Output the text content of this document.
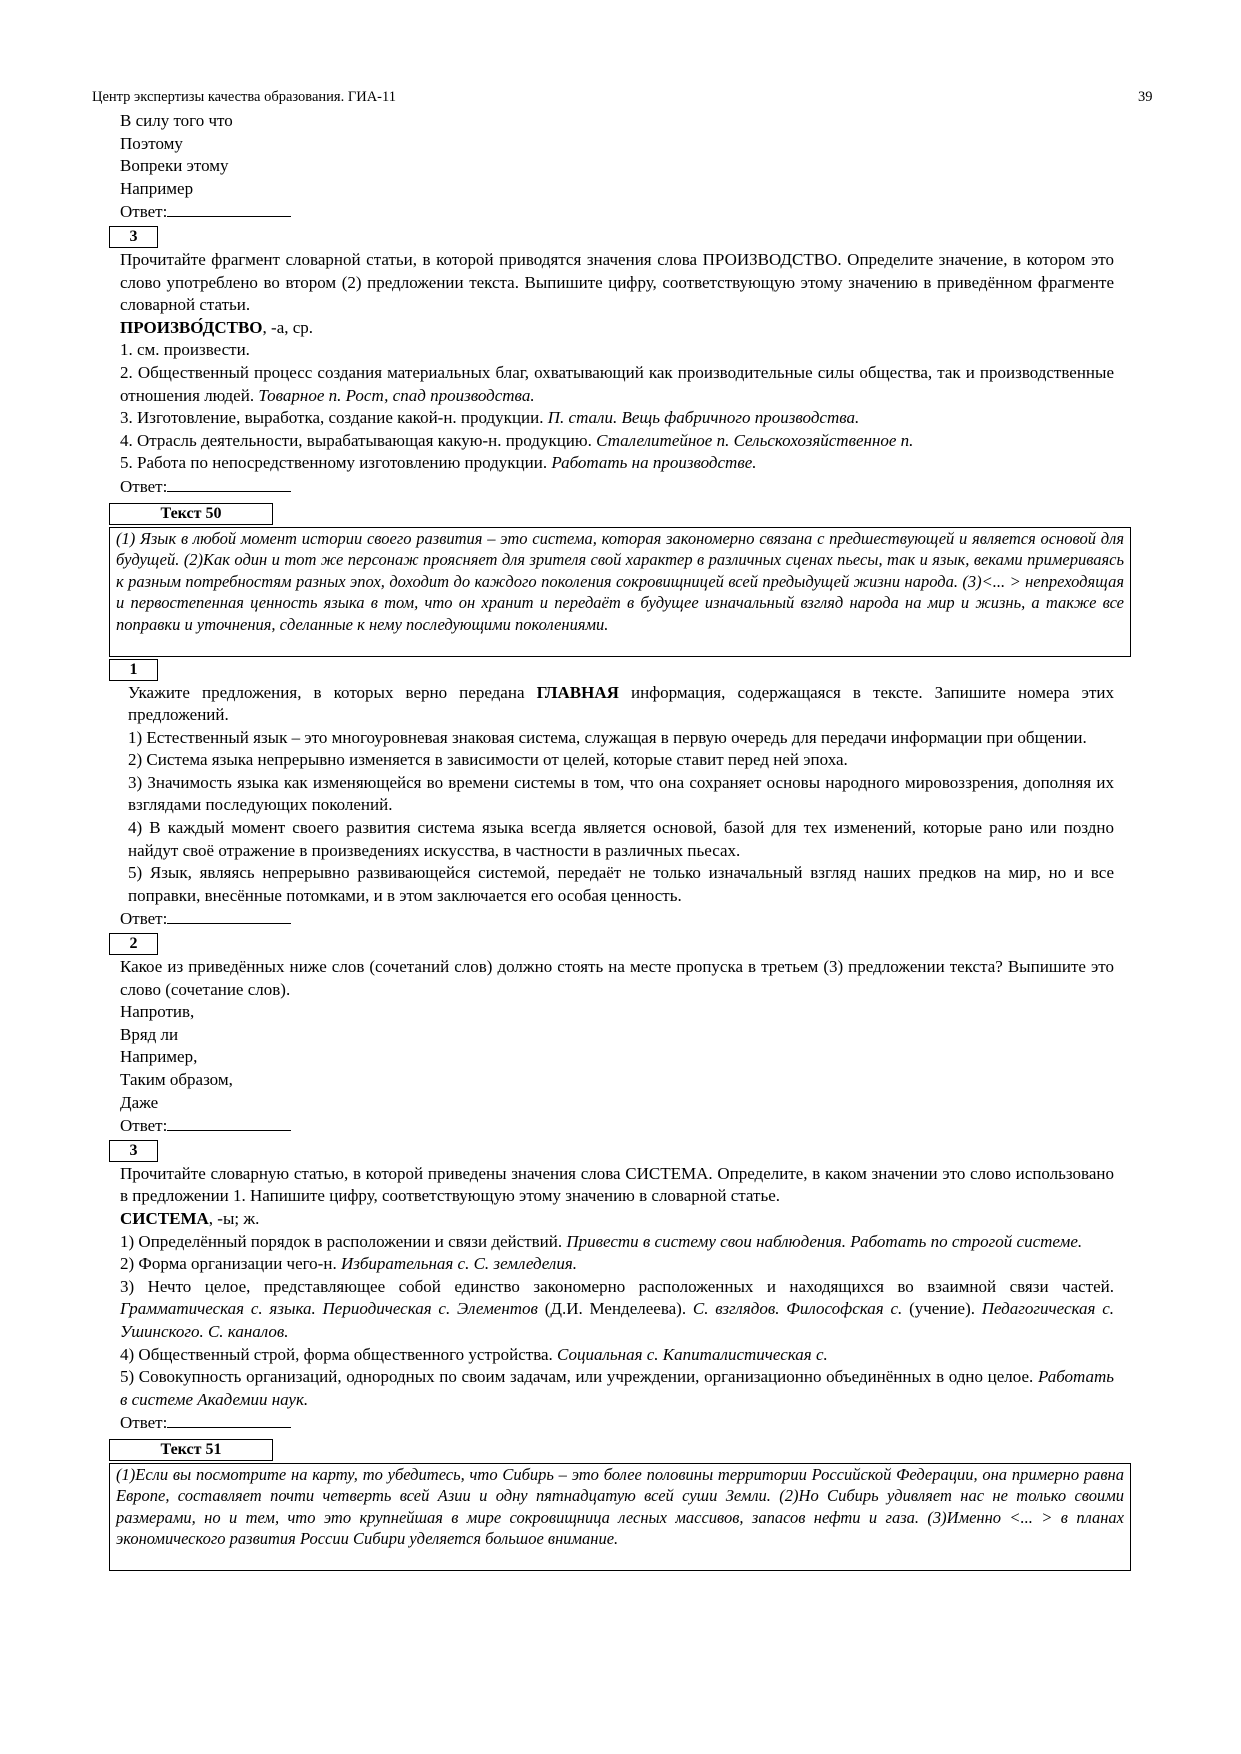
Центр экспертизы качества образования. ГИА-11	39
В силу того что
Поэтому
Вопреки этому
Например
Ответ:
3
Прочитайте фрагмент словарной статьи, в которой приводятся значения слова ПРОИЗВОДСТВО. Определите значение, в котором это слово употреблено во втором (2) предложении текста. Выпишите цифру, соответствующую этому значению в приведённом фрагменте словарной статьи.
ПРОИЗВО́ДСТВО, -а, ср.
1. см. произвести.
2. Общественный процесс создания материальных благ, охватывающий как производительные силы общества, так и производственные отношения людей. Товарное п. Рост, спад производства.
3. Изготовление, выработка, создание какой-н. продукции. П. стали. Вещь фабричного производства.
4. Отрасль деятельности, вырабатывающая какую-н. продукцию. Сталелитейное п. Сельскохозяйственное п.
5. Работа по непосредственному изготовлению продукции. Работать на производстве.
Ответ:
Текст 50
(1) Язык в любой момент истории своего развития – это система, которая закономерно связана с предшествующей и является основой для будущей. (2)Как один и тот же персонаж проясняет для зрителя свой характер в различных сценах пьесы, так и язык, веками примериваясь к разным потребностям разных эпох, доходит до каждого поколения сокровищницей всей предыдущей жизни народа. (3)<... > непреходящая и первостепенная ценность языка в том, что он хранит и передаёт в будущее изначальный взгляд народа на мир и жизнь, а также все поправки и уточнения, сделанные к нему последующими поколениями.
1
Укажите предложения, в которых верно передана ГЛАВНАЯ информация, содержащаяся в тексте. Запишите номера этих предложений.
1) Естественный язык – это многоуровневая знаковая система, служащая в первую очередь для передачи информации при общении.
2) Система языка непрерывно изменяется в зависимости от целей, которые ставит перед ней эпоха.
3) Значимость языка как изменяющейся во времени системы в том, что она сохраняет основы народного мировоззрения, дополняя их взглядами последующих поколений.
4) В каждый момент своего развития система языка всегда является основой, базой для тех изменений, которые рано или поздно найдут своё отражение в произведениях искусства, в частности в различных пьесах.
5) Язык, являясь непрерывно развивающейся системой, передаёт не только изначальный взгляд наших предков на мир, но и все поправки, внесённые потомками, и в этом заключается его особая ценность.
Ответ:
2
Какое из приведённых ниже слов (сочетаний слов) должно стоять на месте пропуска в третьем (3) предложении текста? Выпишите это слово (сочетание слов).
Напротив,
Вряд ли
Например,
Таким образом,
Даже
Ответ:
3
Прочитайте словарную статью, в которой приведены значения слова СИСТЕМА. Определите, в каком значении это слово использовано в предложении 1. Напишите цифру, соответствующую этому значению в словарной статье.
СИСТЕМА, -ы; ж.
1) Определённый порядок в расположении и связи действий. Привести в систему свои наблюдения. Работать по строгой системе.
2) Форма организации чего-н. Избирательная с. С. земледелия.
3) Нечто целое, представляющее собой единство закономерно расположенных и находящихся во взаимной связи частей. Грамматическая с. языка. Периодическая с. Элементов (Д.И. Менделеева). С. взглядов. Философская с. (учение). Педагогическая с. Ушинского. С. каналов.
4) Общественный строй, форма общественного устройства. Социальная с. Капиталистическая с.
5) Совокупность организаций, однородных по своим задачам, или учреждении, организационно объединённых в одно целое. Работать в системе Академии наук.
Ответ:
Текст 51
(1)Если вы посмотрите на карту, то убедитесь, что Сибирь – это более половины территории Российской Федерации, она примерно равна Европе, составляет почти четверть всей Азии и одну пятнадцатую всей суши Земли. (2)Но Сибирь удивляет нас не только своими размерами, но и тем, что это крупнейшая в мире сокровищница лесных массивов, запасов нефти и газа. (3)Именно <... > в планах экономического развития России Сибири уделяется большое внимание.
